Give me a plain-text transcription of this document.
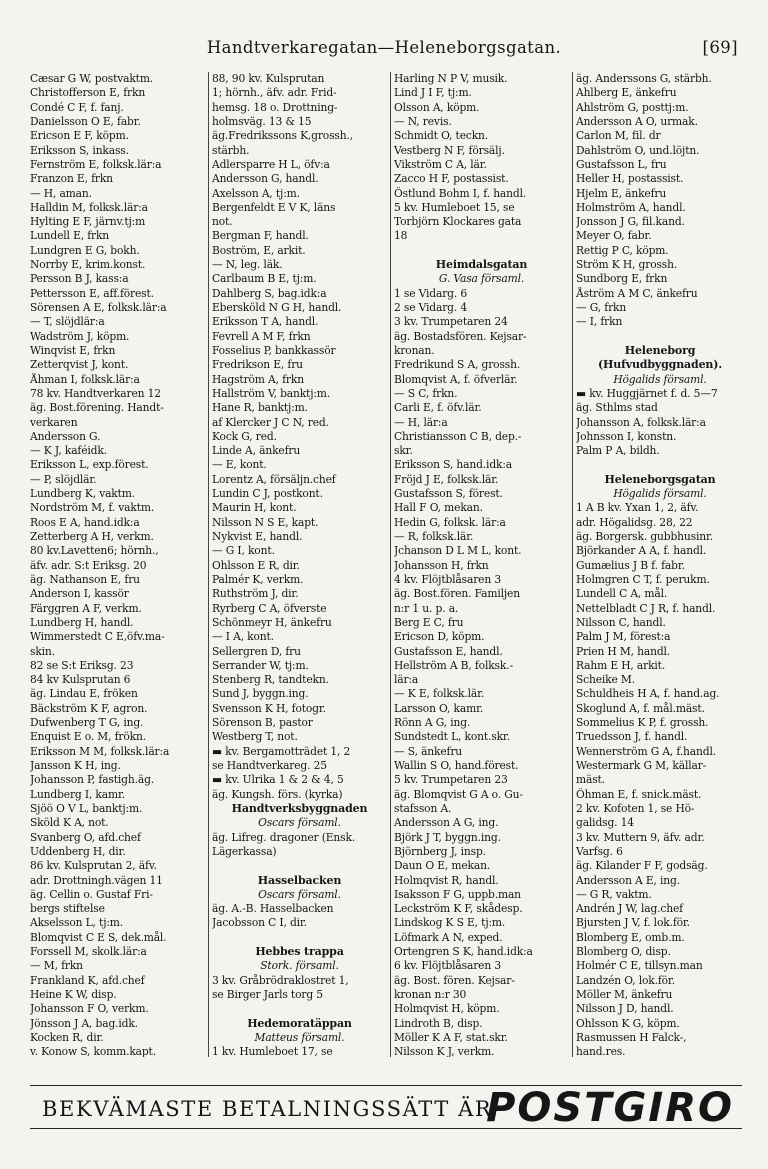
Handtverkaregatan—Heleneborgsgatan.	[69]
Cæsar G W, postvaktm.
Christofferson E, frkn
Condé C F, f. fanj.
Danielsson O E, fabr.
Ericson E F, köpm.
Eriksson S, inkass.
Fernström E, folksk.lär:a
Franzon E, frkn
— H, aman.
Halldin M, folksk.lär:a
Hylting E F, järnv.tj:m
Lundell E, frkn
Lundgren E G, bokh.
Norrby E, krim.konst.
Persson B J, kass:a
Pettersson E, aff.förest.
Sörensen A E, folksk.lär:a
— T, slöjdlär:a
Wadström J, köpm.
Winqvist E, frkn
Zetterqvist J, kont.
Åhman I, folksk.lär:a
78 kv. Handtverkaren 12
äg. Bost.förening. Handt-
verkaren
Andersson G.
— K J, kaféidk.
Eriksson L, exp.förest.
— P, slöjdlär.
Lundberg K, vaktm.
Nordström M, f. vaktm.
Roos E A, hand.idk:a
Zetterberg A H, verkm.
80 kv.Lavetten6; hörnh.,
äfv. adr. S:t Eriksg. 20
äg. Nathanson E, fru
Anderson I, kassör
Färggren A F, verkm.
Lundberg H, handl.
Wimmerstedt C E,öfv.ma-
skin.
82 se S:t Eriksg. 23
84 kv Kulsprutan 6
äg. Lindau E, fröken
Bäckström K F, agron.
Dufwenberg T G, ing.
Enquist E o. M, frökn.
Eriksson M M, folksk.lär:a
Jansson K H, ing.
Johansson P, fastigh.äg.
Lundberg I, kamr.
Sjöö O V L, banktj:m.
Sköld K A, not.
Svanberg O, afd.chef
Uddenberg H, dir.
86 kv. Kulsprutan 2, äfv.
adr. Drottningh.vägen 11
äg. Cellin o. Gustaf Fri-
bergs stiftelse
Akselsson L, tj:m.
Blomqvist C E S, dek.mål.
Forssell M, skolk.lär:a
— M, frkn
Frankland K, afd.chef
Heine K W, disp.
Johansson F O, verkm.
Jönsson J A, bag.idk.
Kocken R, dir.
v. Konow S, komm.kapt.
88, 90 kv. Kulsprutan
1; hörnh., äfv. adr. Frid-
hemsg. 18 o. Drottning-
holmsväg. 13 & 15
äg.Fredrikssons K,grossh.,
stärbh.
Adlersparre H L, öfv:a
Andersson G, handl.
Axelsson A, tj:m.
Bergenfeldt E V K, läns
not.
Bergman F, handl.
Boström, E, arkit.
— N, leg. läk.
Carlbaum B E, tj:m.
Dahlberg S, bag.idk:a
Ebersköld N G H, handl.
Eriksson T A, handl.
Fevrell A M F, frkn
Fosselius P, bankkassör
Fredrikson E, fru
Hagström A, frkn
Hallström V, banktj:m.
Hane R, banktj:m.
af Klercker J C N, red.
Kock G, red.
Linde A, änkefru
— E, kont.
Lorentz A, försäljn.chef
Lundin C J, postkont.
Maurin H, kont.
Nilsson N S E, kapt.
Nykvist E, handl.
— G I, kont.
Ohlsson E R, dir.
Palmér K, verkm.
Ruthström J, dir.
Ryrberg C A, öfverste
Schönmeyr H, änkefru
— I A, kont.
Sellergren D, fru
Serrander W, tj:m.
Stenberg R, tandtekn.
Sund J, byggn.ing.
Svensson K H, fotogr.
Sörenson B, pastor
Westberg T, not.
▬ kv. Bergamotträdet 1, 2
se Handtverkareg. 25
▬ kv. Ulrika 1 & 2 & 4, 5
äg. Kungsh. förs. (kyrka)
Handtverksbyggnaden
Oscars församl.
äg. Lifreg. dragoner (Ensk.
Lägerkassa)
Hasselbacken
Oscars församl.
äg. A.-B. Hasselbacken
Jacobsson C I, dir.
Hebbes trappa
Stork. församl.
3 kv. Gråbrödraklostret 1,
se Birger Jarls torg 5
Hedemoratäppan
Matteus församl.
1 kv. Humleboet 17, se
Harling N P V, musik.
Lind J I F, tj:m.
Olsson A, köpm.
— N, revis.
Schmidt O, teckn.
Vestberg N F, försälj.
Vikström C A, lär.
Zacco H F, postassist.
Östlund Bohm I, f. handl.
5 kv. Humleboet 15, se
Torbjörn Klockares gata
18
Heimdalsgatan
G. Vasa församl.
1 se Vidarg. 6
2 se Vidarg. 4
3 kv. Trumpetaren 24
äg. Bostadsfören. Kejsar-
kronan.
Fredrikund S A, grossh.
Blomqvist A, f. öfverlär.
— S C, frkn.
Carli E, f. öfv.lär.
— H, lär:a
Christiansson C B, dep.-
skr.
Eriksson S, hand.idk:a
Fröjd J E, folksk.lär.
Gustafsson S, förest.
Hall F O, mekan.
Hedin G, folksk. lär:a
— R, folksk.lär.
Jchanson D L M L, kont.
Johansson H, frkn
4 kv. Flöjtblåsaren 3
äg. Bost.fören. Familjen
n:r 1 u. p. a.
Berg E C, fru
Ericson D, köpm.
Gustafsson E, handl.
Hellström A B, folksk.-
lär:a
— K E, folksk.lär.
Larsson O, kamr.
Rönn A G, ing.
Sundstedt L, kont.skr.
— S, änkefru
Wallin S O, hand.förest.
5 kv. Trumpetaren 23
äg. Blomqvist G A o. Gu-
stafsson A.
Andersson A G, ing.
Björk J T, byggn.ing.
Björnberg J, insp.
Daun O E, mekan.
Holmqvist R, handl.
Isaksson F G, uppb.man
Leckström K F, skådesp.
Lindskog K S E, tj:m.
Löfmark A N, exped.
Ortengren S K, hand.idk:a
6 kv. Flöjtblåsaren 3
äg. Bost. fören. Kejsar-
kronan n:r 30
Holmqvist H, köpm.
Lindroth B, disp.
Möller K A F, stat.skr.
Nilsson K J, verkm.
äg. Anderssons G, stärbh.
Ahlberg E, änkefru
Ahlström G, posttj:m.
Andersson A O, urmak.
Carlon M, fil. dr
Dahlström O, und.löjtn.
Gustafsson L, fru
Heller H, postassist.
Hjelm E, änkefru
Holmström A, handl.
Jonsson J G, fil.kand.
Meyer O, fabr.
Rettig P C, köpm.
Ström K H, grossh.
Sundborg E, frkn
Åström A M C, änkefru
— G, frkn
— I, frkn
Heleneborg
(Hufvudbyggnaden).
Högalids församl.
▬ kv. Huggjärnet f. d. 5—7
äg. Sthlms stad
Johansson A, folksk.lär:a
Johnsson I, konstn.
Palm P A, bildh.
Heleneborgsgatan
Högalids församl.
1 A B kv. Yxan 1, 2, äfv.
adr. Högalidsg. 28, 22
äg. Borgersk. gubbhusinr.
Björkander A A, f. handl.
Gumælius J B f. fabr.
Holmgren C T, f. perukm.
Lundell C A, mål.
Nettelbladt C J R, f. handl.
Nilsson C, handl.
Palm J M, förest:a
Prien H M, handl.
Rahm E H, arkit.
Scheike M.
Schuldheis H A, f. hand.ag.
Skoglund A, f. mål.mäst.
Sommelius K P, f. grossh.
Truedsson J, f. handl.
Wennerström G A, f.handl.
Westermark G M, källar-
mäst.
Öhman E, f. snick.mäst.
2 kv. Kofoten 1, se Hö-
galidsg. 14
3 kv. Muttern 9, äfv. adr.
Varfsg. 6
äg. Kilander F F, godsäg.
Andersson A E, ing.
— G R, vaktm.
Andrén J W, lag.chef
Bjursten J V, f. lok.för.
Blomberg E, omb.m.
Blomberg O, disp.
Holmér C E, tillsyn.man
Landzén O, lok.för.
Möller M, änkefru
Nilsson J D, handl.
Ohlsson K G, köpm.
Rasmussen H Falck-,
hand.res.
BEKVÄMASTE BETALNINGSSÄTT ÄR
POSTGIRO
